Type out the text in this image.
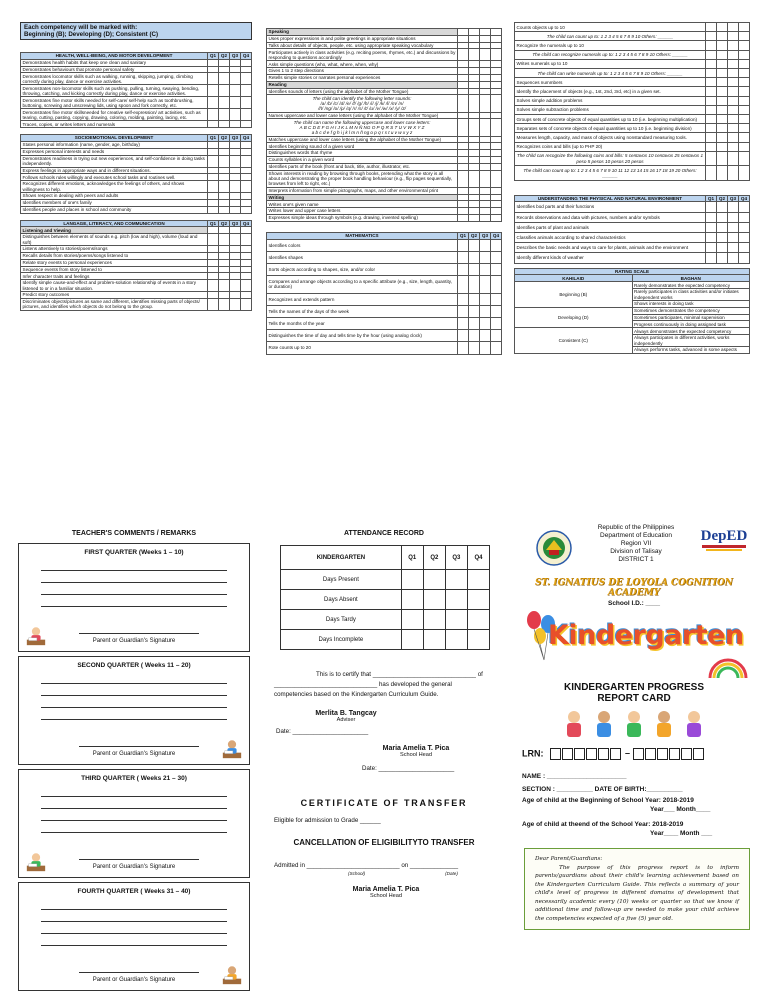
Each competency will be marked with:
Beginning (B); Developing (D); Consistent (C)
HEALTH, WELL-BEING, AND MOTOR DEVELOPMENT	Q1	Q2	Q3	Q4
Demonstrates health habits that keep one clean and sanitary				
Demonstrates behaviours that promote personal safety				
Demonstrates locomotor skills such as walking, running, skipping, jumping, climbing correctly during play, dance or exercise activities.				
Demonstrates non-locomotor skills such as pushing, pulling, turning, swaying, bending, throwing, catching, and kicking correctly during play, dance or exercise activities.				
Demonstrates fine motor skills needed for self-care/ self-help such as toothbrushing, buttoning, screwing and unscrewing lids, using spoon and fork correctly, etc.				
Demonstrates fine motor skillsneeded for creative self-expression/ art activities, such as tearing, cutting, pasting, copying, drawing, coloring, molding, painting, lacing, etc.				
Traces, copies, or writes letters and numerals				
SOCIOEMOTIONAL DEVELOPMENT	Q1	Q2	Q3	Q4
States personal information (name, gender, age, birthday)				
Expresses personal interests and needs				
Demonstrates readiness in trying out new experiences, and self-confidence in doing tasks independently.				
Express feelings in appropriate ways and in different situations.				
Follows schools rules willingly and executes school tasks and routines well.				
Recognizes different emotions, acknowledges the feelings of others, and shows willingness to help.				
Shows respect in dealing with peers and adults				
Identifies members of one's family				
Identifies people and places in school and community				
LANGAGE, LITERACY, AND COMMUNICATION	Q1	Q2	Q3	Q4
Listening and Viewing				
Distinguishes between elements of sounds e.g. pitch (low and high), volume (loud and soft)				
Listens attentively to stories/poems/songs				
Recalls details from stories/poems/songs listened to				
Relate story events to personal experiences				
Sequence events from story listened to				
Infer character traits and feelings				
Identify simple cause-and-effect and problem-solution relationship of events in a story listened to or in a familiar situation.				
Predict story outcomes				
Discriminates objects/pictures as same and different, identifies missing parts of objects/ pictures, and identifies which objects do not belong to the group.				
Speaking				
Uses proper expressions in and polite greetings in appropriate situations				
Talks about details of objects, people, etc. using appropriate speaking vocabulary				
Participates actively in class activities (e.g. reciting poems, rhymes, etc.) and discussions by responding to questions accordingly				
Asks simple questions (who, what, where, when, why)				
Gives 1 to 2 step directions				
Retells simple stories or narrates personal experiences				
Reading				
Identifies sounds of letters (using the alphabet of the Mother Tongue)				

The child can identify the following letter sounds:
/a/ /b/ /c/ /d/ /e/ /f/ /g/ /h/ /i/ /j/ /k/ /l/ /m/ /n/
/ñ/ /ng/ /o/ /p/ /q/ /r/ /s/ /t/ /u/ /v/ /w/ /x/ /y/ /z/				

Names uppercase and lower case letters (using the alphabet of the Mother Tongue)				

The child can name the following uppercase and lower case letters:
A B C D E F G H I J K L M N Ñ NG O P Q R S T U V W X Y Z
a b c d e f g h i j k l m n ñ ng o p q r s t u v w x y z				

Matches uppercase and lower case letters (using the alphabet of the Mother Tongue)				
Identifies beginning sound of a given word				
Distinguishes words that rhyme				
Counts syllables in a given word				
Identifies parts of the book (front and back, title, author, illustrator, etc.				
Shows interests in reading by browsing through books, pretending what the story is all about and demonstrating the proper book handling behaviour (e.g., flip pages sequentially, browses from left to right, etc.)				
Interprets information from simple pictographs, maps, and other environmental print				
Writing				
Writes one's given name				
Writes lower and upper case letters				
Expresses simple ideas through symbols (e.g. drawing, invented spelling)				
MATHEMATICS	Q1	Q2	Q3	Q4
Identifies colors				
Identifies shapes				
Sorts objects according to shapes, size, and/or color				
Compares and arrange objects according to a specific attribute (e.g., size, length, quantity, or duration)				
Recognizes and extends pattern				
Tells the names of the days of the week				
Tells the months of the year				
Distinguishes the time of day and tells time by the hour (using analog clock)				
Rote counts up to 20				
Counts objects up to 10				
The child can count up to: 1 2 3 4 5 6 7 8 9 10 Others: ______				
Recognize the numerals up to 10				
The child can recognize numerals up to: 1 2 3 4 5 6 7 8 9 10 Others: ______				
Writes numerals up to 10				
The child can write numerals up to: 1 2 3 4 5 6 7 8 9 10 Others: ______				
Sequences nummbers				
Identify the placement of objects (e.g., 1st, 2nd, 3rd, etc) in a given set.				
Solves simple addition problems				
Solves simple subtraction problems				
Groups sets of concrete objects of equal quantities up to 10 (i.e. beginning multiplication)				
Separates sets of concrete objects of equal quantities up to 10 (i.e. beginning division)				
Measures length, capacity, and mass of objects using nonstandard measuring tools.				
Recognizes coins and bills (up to PHP 20)				
The child can recognize the following coins and bills: 5 centavos 10 centavos 25 centavos 1 peso 5 pesos 10 pesos 20 pesos				
The child can count up to: 1 2 3 4 5 6 7 8 9 10 11 12 13 14 15 16 17 18 19 20 Others: ______				
UNDERSTANDING THE PHYSICAL AND NATURAL ENVIRONMENT	Q1	Q2	Q3	Q4
Identifies bod parts and their functions				
Records observations and data with pictures, numbers and/or symbols				
Identifies parts of plant and animals				
Classifies animals according to shared characteristics				
Describes the basic needs and ways to care for plants, animals and the environment				
Identify different kinds of weather				
RATING SCALE	
KAHILAID	BAGHAN
Beginning (B)	Rarely demonstrates the expected competency
	Rarely participates in class activities and/or initiates independent works
	Shows interests in doing task
Developing (D)	Sometimes demonstrates the competency
	Sometimes participates, minimal supervision
	Progress continuously in doing assigned task
Consistent (C)	Always demonstrates the expected competency
	Always participates in different activities, works independently
	Always performs tasks, advanced in some aspects
TEACHER'S COMMENTS / REMARKS
FIRST QUARTER (Weeks 1 – 10)
Parent or Guardian's Signature
SECOND QUARTER ( Weeks 11 – 20)
Parent or Guardian's Signature
THIRD QUARTER ( Weeks 21 – 30)
Parent or Guardian's Signature
FOURTH QUARTER ( Weeks 31 – 40)
Parent or Guardian's Signature
ATTENDANCE RECORD
KINDERGARTEN	Q1	Q2	Q3	Q4
Days Present				
Days Absent				
Days Tardy				
Days Incomplete				
This is to certify that ______________________________ of
______________________________ has developed the general
competencies based on the Kindergarten Curriculum Guide.
Merlita B. Tangcay
Adviser
Date: ______________________
Maria Amelia T. Pica
School Head
Date: ______________________
CERTIFICATE OF TRANSFER
Eligible for admission to Grade ______
CANCELLATION OF ELIGIBILITYTO TRANSFER
Admitted in ___________________________ on ______________
(School)	(Date)
Maria Amelia T. Pica
School Head
Republic of the Philippines
Department of Education
Region VII
Division of Talisay
DISTRICT 1
DepED
ST. IGNATIUS DE LOYOLA COGNITION ACADEMY
School I.D.: ____
Kindergarten
KINDERGARTEN PROGRESS
REPORT CARD
LRN:	–
NAME : ______________________
SECTION : __________ DATE OF BIRTH:__________
Age of child at the Beginning of School Year: 2018-2019
Year___ Month____
Age of child at theend of the School Year: 2018-2019
Year____ Month ___
Dear Parent/Guardians:
The purpose of this progress report is to inform parents/guardians about their child's learning achievement based on the Kindergarten Curriculum Guide. This reflects a summary of your child's level of progress in different domains of development that necessarily academic every (10) weeks or quarter so that we know if additional time and follow-up are needed to make your child achieve the competencies expected of a five (5) year old.
